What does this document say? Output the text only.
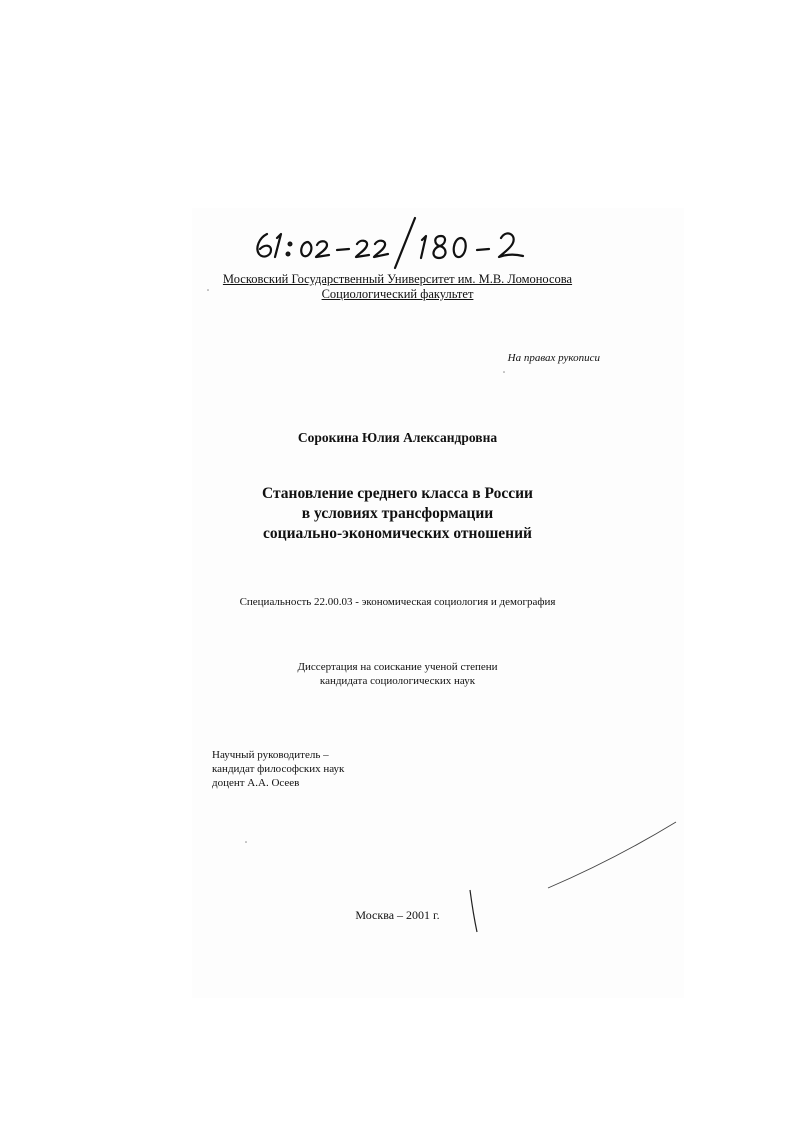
Московский Государственный Университет им. М.В. Ломоносова
Социологический факультет
На правах рукописи
Сорокина Юлия Александровна
Становление среднего класса в России
в условиях трансформации
социально-экономических отношений
Специальность 22.00.03 - экономическая социология и демография
Диссертация на соискание ученой степени
кандидата социологических наук
Научный руководитель –
кандидат философских наук
доцент А.А. Осеев
Москва – 2001 г.
